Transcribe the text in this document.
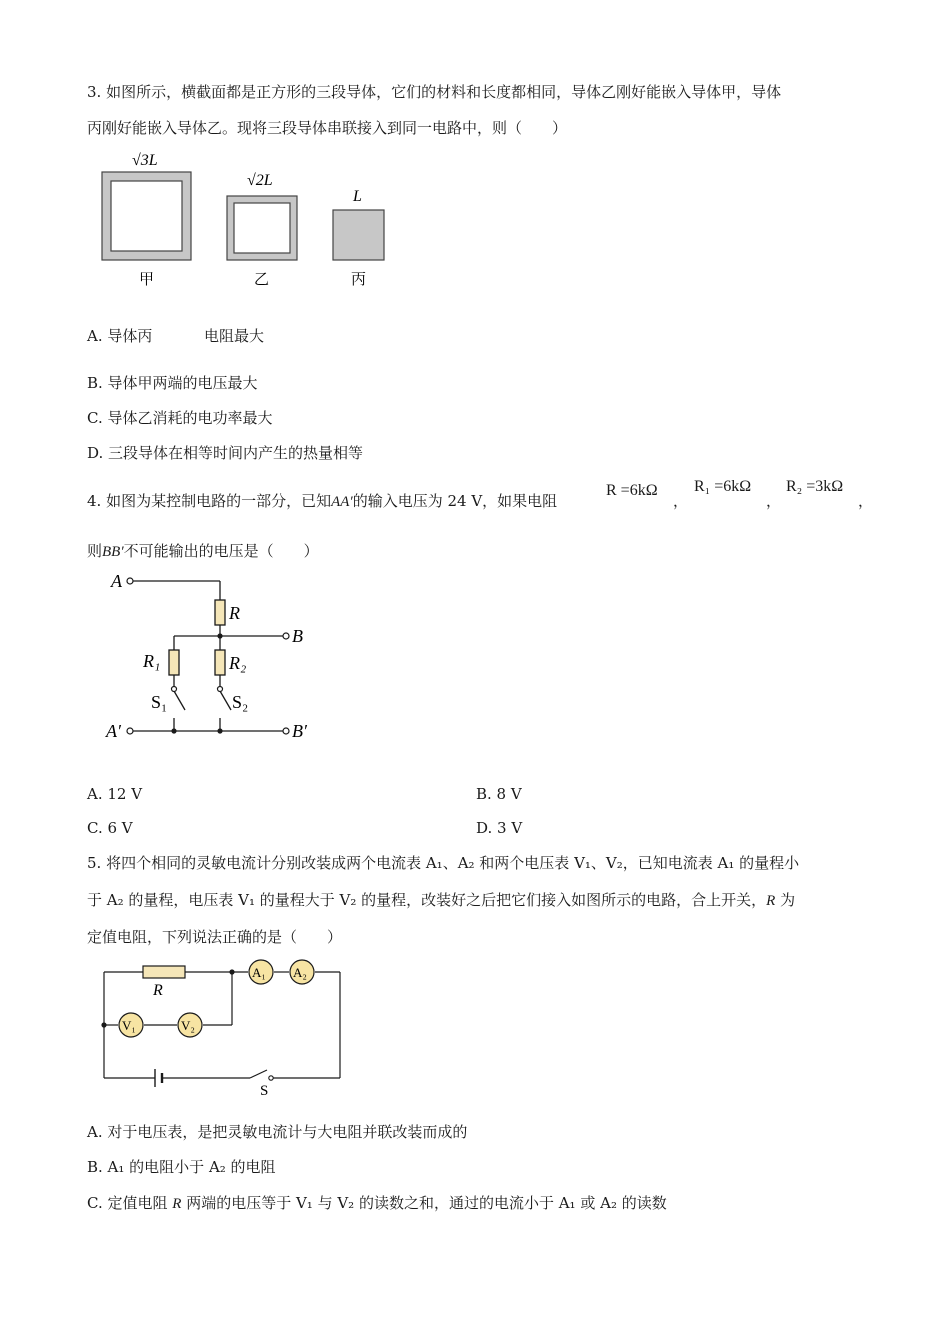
3. 如图所示，横截面都是正方形的三段导体，它们的材料和长度都相同，导体乙刚好能嵌入导体甲，导体
丙刚好能嵌入导体乙。现将三段导体串联接入到同一电路中，则（　　）
√3L
甲
√2L
乙
L
丙
A. 导体丙	电阻最大
B. 导体甲两端的电压最大
C. 导体乙消耗的电功率最大
D. 三段导体在相等时间内产生的热量相等
4. 如图为某控制电路的一部分，已知AA′的输入电压为 24 V，如果电阻
R =6kΩ
，
R₁ =6kΩ
，
R₂ =3kΩ
，
则BB′不可能输出的电压是（　　）
A
A′
B
B′
R
R₁	R₂
S₁	S₂
A. 12 V	B. 8 V
C. 6 V	D. 3 V
5. 将四个相同的灵敏电流计分别改装成两个电流表 A₁、A₂ 和两个电压表 V₁、V₂，已知电流表 A₁ 的量程小
于 A₂ 的量程，电压表 V₁ 的量程大于 V₂ 的量程，改装好之后把它们接入如图所示的电路，合上开关，R 为
定值电阻，下列说法正确的是（　　）
A₁ A₂
V₁	V₂
R
S
A. 对于电压表，是把灵敏电流计与大电阻并联改装而成的
B. A₁ 的电阻小于 A₂ 的电阻
C. 定值电阻 R 两端的电压等于 V₁ 与 V₂ 的读数之和，通过的电流小于 A₁ 或 A₂ 的读数
